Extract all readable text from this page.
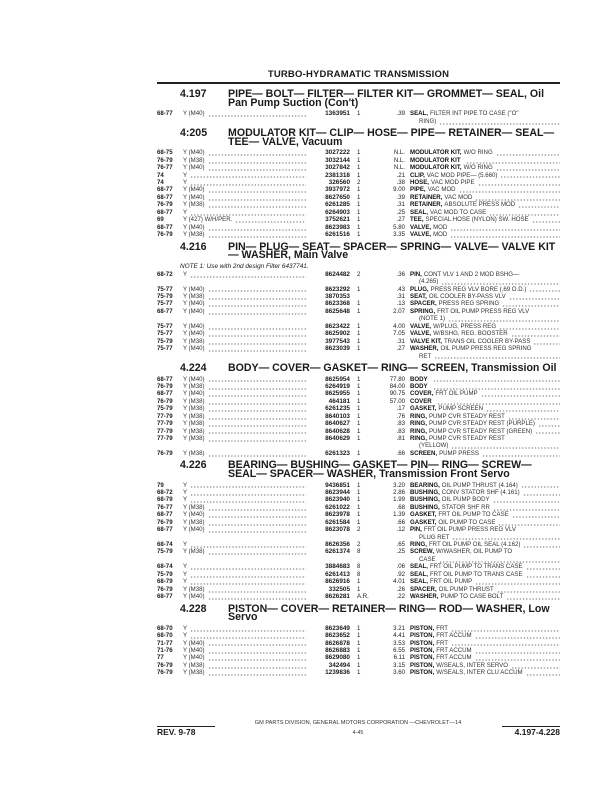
TURBO-HYDRAMATIC TRANSMISSION
4.197	PIPE— BOLT— FILTER— FILTER KIT— GROMMET— SEAL, Oil Pan Pump Suction (Con't)
68-77	Y (M40)	1363951	1	.39 SEAL, FILTER INT PIPE TO CASE ("O"
RING)
4:205	MODULATOR KIT— CLIP— HOSE— PIPE— RETAINER— SEAL— TEE— VALVE, Vacuum
68-75	Y (M40)	3027222	1	N.L. MODULATOR KIT, W/O RING
76-79	Y (M38)	3032144	1	N.L. MODULATOR KIT
76-77	Y (M40)	3027842	1	N.L. MODULATOR KIT, W/O RING
74	Y	2381318	1	.21 CLIP, VAC MOD PIPE— (5.660)
74	Y	326560	2	.38 HOSE, VAC MOD PIPE
68-77	Y (M40)	3937972	1	9.00 PIPE, VAC MOD
68-77	Y (M40)	8627650	1	.39 RETAINER, VAC MOD
76-79	Y (M38)	6261285	1	.31 RETAINER, ABSOLUTE PRESS MOD
68-77	Y	6264903	1	.25 SEAL, VAC MOD TO CASE
69	Y (427) W/H/PER.	3752621	1	.27 TEE, SPECIAL HOSE (NYLON) SW. HOSE
68-77	Y (M40)	8623983	1	5.80 VALVE, MOD
76-79	Y (M38)	6261516	1	3.35 VALVE, MOD
4.216	PIN— PLUG— SEAT— SPACER— SPRING— VALVE— VALVE KIT— WASHER, Main Valve
NOTE 1: Use with 2nd design Filter 6437741.
68-72	Y	8624482	2	.36 PIN, CONT VLV 1 AND 2 MOD BSHG—
(4.265)
75-77	Y (M40)	8623292	1	.43 PLUG, PRESS REG VLV BORE (.69 O.D.)
75-79	Y (M38)	3870353	.31 SEAT, OIL COOLER BY-PASS VLV
75-77	Y (M40)	8623368	1	.13 SPACER, PRESS REG SPRING
68-77	Y (M40)	8625648	1	2.07 SPRING, FRT OIL PUMP PRESS REG VLV
(NOTE 1)
75-77	Y (M40)	8623422	1	4.00 VALVE, W/PLUG, PRESS REG
75-77	Y (M40)	8625902	1	7.05 VALVE, W/BSHG, REG. BOOSTER
75-79	Y (M38)	3977543	1	.31 VALVE KIT, TRANS OIL COOLER BY-PASS
75-77	Y (M40)	8623039	1	.27 WASHER, OIL PUMP PRESS REG SPRING
RET
4.224	BODY— COVER— GASKET— RING— SCREEN, Transmission Oil
68-77	Y (M40)	8625954	1	77.80 BODY
76-79	Y (M38)	6264919	1	84.00 BODY
68-77	Y (M40)	8625955	1	90.75 COVER, FRT OIL PUMP
76-79	Y (M38)	464181	1	57.00 COVER
75-79	Y (M38)	6261235	1	.17 GASKET, PUMP SCREEN
77-79	Y (M38)	8640103	1	.76 RING, PUMP CVR STEADY REST
77-79	Y (M38)	8640627	1	.83 RING, PUMP CVR STEADY REST (PURPLE)
77-79	Y (M38)	8640628	1	.83 RING, PUMP CVR STEADY REST (GREEN)
77-79	Y (M38)	8640629	1	.81 RING, PUMP CVR STEADY REST
(YELLOW)
76-79	Y (M38)	6261323	1	.66 SCREEN, PUMP PRESS
4.226	BEARING— BUSHING— GASKET— PIN— RING— SCREW— SEAL— SPACER— WASHER, Transmission Front Servo
79	Y	9436851	1	3.20 BEARING, OIL PUMP THRUST (4.164)
68-72	Y	8623944	1	2.86 BUSHING, CONV STATOR SHF (4.161)
68-79	Y	8623940	1	1.99 BUSHING, OIL PUMP BODY
76-77	Y (M38)	6261022	1	.68 BUSHING, STATOR SHF RR
68-77	Y (M40)	8623978	1	1.39 GASKET, FRT OIL PUMP TO CASE
76-79	Y (M38)	6261584	1	.66 GASKET, OIL PUMP TO CASE
68-77	Y (M40)	8623078	2	.12 PIN, FRT OIL PUMP PRESS REG VLV
PLUG RET
68-74	Y	8626356	2	.65 RING, FRT OIL PUMP OIL SEAL (4.162)
75-79	Y (M38)	6261374	8	.25 SCREW, W/WASHER, OIL PUMP TO
CASE
68-74	Y	3884683	8	.06 SEAL, FRT OIL PUMP TO TRANS CASE
75-79	Y	6261413	8	.92 SEAL, FRT OIL PUMP TO TRANS CASE
68-79	Y	8626916	1	4.01 SEAL, FRT OIL PUMP
76-79	Y (M38)	332505	1	.26 SPACER, OIL PUMP THRUST
68-77	Y (M40)	8626281	A.R.	.22 WASHER, PUMP TO CASE BOLT
4.228	PISTON— COVER— RETAINER— RING— ROD— WASHER, Low Servo
68-70	Y	8623649	1	3.21 PISTON, FRT
68-70	Y	8623652	1	4.41 PISTON, FRT ACCUM
71-77	Y (M40)	8626878	1	3.53 PISTON, FRT
71-76	Y (M40)	8626883	1	6.55 PISTON, FRT ACCUM
77	Y (M40)	8629080	1	6.11 PISTON, FRT ACCUM
76-79	Y (M38)	342494	1	3.15 PISTON, W/SEALS, INTER SERVO
76-79	Y (M38)	1239836	1	3.60 PISTON, W/SEALS, INTER CLU ACCUM
GM PARTS DIVISION, GENERAL MOTORS CORPORATION —CHEVROLET—14
4-45
REV. 9-78	4.197-4.228
